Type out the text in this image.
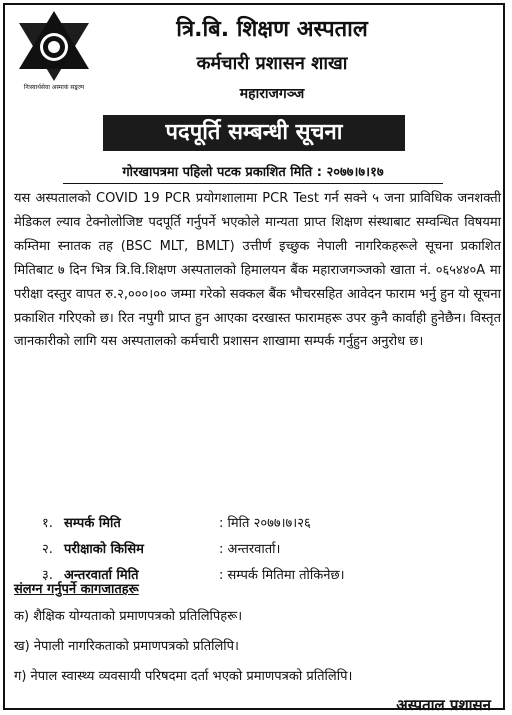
निःस्वार्थसेवा अस्माकं सङ्कल्प
त्रि.बि. शिक्षण अस्पताल
कर्मचारी प्रशासन शाखा
महाराजगञ्ज
पदपूर्ति सम्बन्धी सूचना
गोरखापत्रमा पहिलो पटक प्रकाशित मिति : २०७७।७।१७
यस अस्पतालको COVID 19 PCR प्रयोगशालामा PCR Test गर्न सक्ने ५ जना प्राविधिक जनशक्ती मेडिकल ल्याव टेक्नोलोजिष्ट पदपूर्ति गर्नुपर्ने भएकोले मान्यता प्राप्त शिक्षण संस्थाबाट सम्वन्धित विषयमा कम्तिमा स्नातक तह (BSC MLT, BMLT) उत्तीर्ण इच्छुक नेपाली नागरिकहरूले सूचना प्रकाशित मितिबाट ७ दिन भित्र त्रि.वि.शिक्षण अस्पतालको हिमालयन बैंक महाराजगञ्जको खाता नं. ०६५४४०A मा परीक्षा दस्तुर वापत रु.२,०००।०० जम्मा गरेको सक्कल बैंक भौचरसहित आवेदन फाराम भर्नु हुन यो सूचना प्रकाशित गरिएको छ। रित नपुगी प्राप्त हुन आएका दरखास्त फारामहरू उपर कुनै कार्वाही हुनेछैन। विस्तृत जानकारीको लागि यस अस्पतालको कर्मचारी प्रशासन शाखामा सम्पर्क गर्नुहुन अनुरोध छ।
१. सम्पर्क मिति	: मिति २०७७।७।२६
२. परीक्षाको किसिम	: अन्तरवार्ता।
३. अन्तरवार्ता मिति	: सम्पर्क मितिमा तोकिनेछ।
संलग्न गर्नुपर्ने कागजातहरू
क) शैक्षिक योग्यताको प्रमाणपत्रको प्रतिलिपिहरू।
ख) नेपाली नागरिकताको प्रमाणपत्रको प्रतिलिपि।
ग) नेपाल स्वास्थ्य व्यवसायी परिषदमा दर्ता भएको प्रमाणपत्रको प्रतिलिपि।
अस्पताल प्रशासन
